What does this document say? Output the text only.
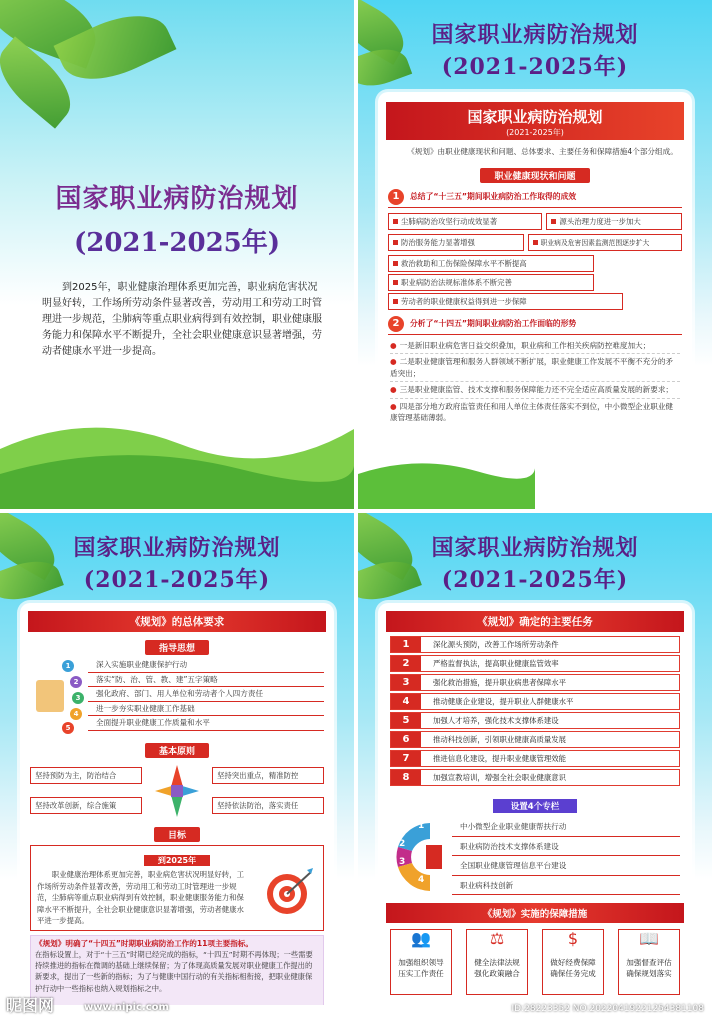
国家职业病防治规划
(2021-2025年)
到2025年，职业健康治理体系更加完善，职业病危害状况明显好转，工作场所劳动条件显著改善，劳动用工和劳动工时管理进一步规范，尘肺病等重点职业病得到有效控制，职业健康服务能力和保障水平不断提升，全社会职业健康意识显著增强，劳动者健康水平进一步提高。
国家职业病防治规划
(2021-2025年)
国家职业病防治规划
(2021-2025年)
《规划》由职业健康现状和问题、总体要求、主要任务和保障措施4个部分组成。
职业健康现状和问题
1	总结了“十三五”期间职业病防治工作取得的成效
尘肺病防治攻坚行动成效显著	源头治理力度进一步加大
防治服务能力显著增强	职业病及危害因素监测范围逐步扩大
救治救助和工伤保险保障水平不断提高
职业病防治法规标准体系不断完善
劳动者的职业健康权益得到进一步保障
2	分析了“十四五”期间职业病防治工作面临的形势
● 一是新旧职业病危害日益交织叠加，职业病和工作相关疾病防控难度加大；
● 二是职业健康管理和服务人群领域不断扩展，职业健康工作发展不平衡不充分的矛盾突出；
● 三是职业健康监管、技术支撑和服务保障能力还不完全适应高质量发展的新要求；
● 四是部分地方政府监管责任和用人单位主体责任落实不到位，中小微型企业职业健康管理基础薄弱。
国家职业病防治规划
(2021-2025年)
《规划》的总体要求
指导思想
1
2
3
4
5
深入实施职业健康保护行动
落实“防、治、管、教、建”五字策略
强化政府、部门、用人单位和劳动者个人四方责任
进一步夯实职业健康工作基础
全面提升职业健康工作质量和水平
基本原则
坚持预防为主，防治结合	坚持突出重点，精准防控
坚持改革创新，综合施策	坚持依法防治，落实责任
目标
到2025年
职业健康治理体系更加完善，职业病危害状况明显好转，工作场所劳动条件显著改善，劳动用工和劳动工时管理进一步规范，尘肺病等重点职业病得到有效控制，职业健康服务能力和保障水平不断提升，全社会职业健康意识显著增强，劳动者健康水平进一步提高。
《规划》明确了“十四五”时期职业病防治工作的11项主要指标。
在指标设置上，对于“十三五”时期已经完成的指标，“十四五”时期不再体现；一些需要持续推进的指标在微调的基础上继续保留；为了体现高质量发展对职业健康工作提出的新要求，提出了一些新的指标；为了与健康中国行动的有关指标相衔接，把职业健康保护行动中一些指标也纳入规划指标之中。
昵图网	www.nipic.com
国家职业病防治规划
(2021-2025年)
《规划》确定的主要任务
1	深化源头预防，改善工作场所劳动条件
2	严格监督执法，提高职业健康监管效率
3	强化救治措施，提升职业病患者保障水平
4	推动健康企业建设，提升职业人群健康水平
5	加强人才培养，强化技术支撑体系建设
6	推动科技创新，引领职业健康高质量发展
7	推进信息化建设，提升职业健康管理效能
8	加强宣教培训，增强全社会职业健康意识
设置4个专栏
1
2
3
4
中小微型企业职业健康帮扶行动
职业病防治技术支撑体系建设
全国职业健康管理信息平台建设
职业病科技创新
《规划》实施的保障措施
👥
加强组织领导
压实工作责任
⚖
健全法律法规
强化政策融合
$
做好经费保障
确保任务完成
📖
加强督查评估
确保规划落实
ID:28223352 NO:20220419221254381108
